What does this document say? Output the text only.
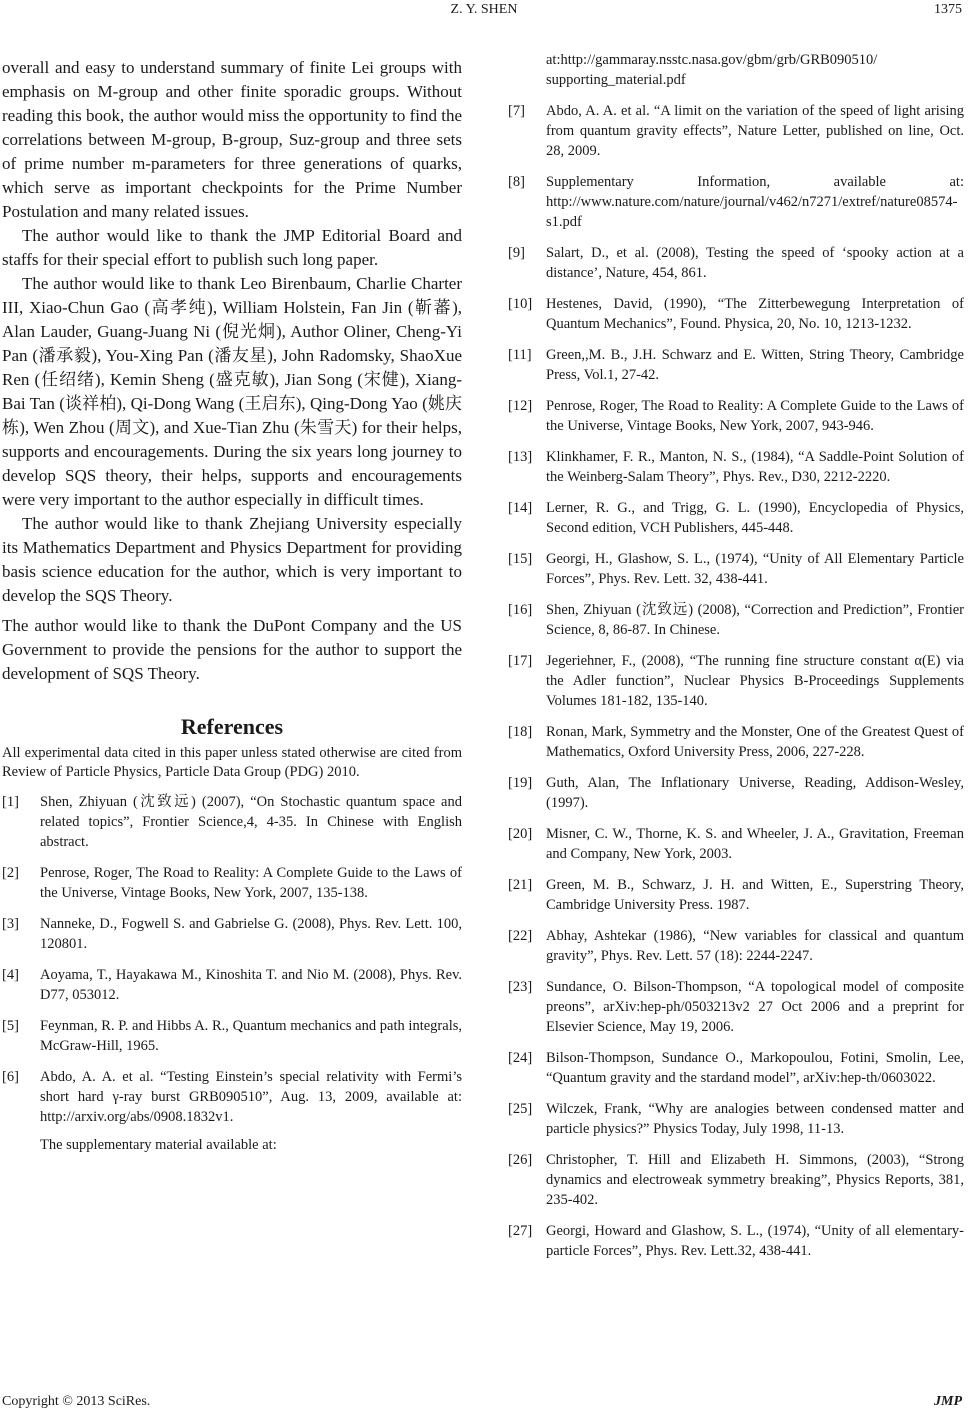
Z. Y. SHEN	1375

overall and easy to understand summary of finite Lei groups with emphasis on M-group and other finite sporadic groups. Without reading this book, the author would miss the opportunity to find the correlations between M-group, B-group, Suz-group and three sets of prime number m-parameters for three generations of quarks, which serve as important checkpoints for the Prime Number Postulation and many related issues.

The author would like to thank the JMP Editorial Board and staffs for their special effort to publish such long paper.

The author would like to thank Leo Birenbaum, Charlie Charter III, Xiao-Chun Gao (高孝纯), William Holstein, Fan Jin (靳蕃), Alan Lauder, Guang-Juang Ni (倪光炯), Author Oliner, Cheng-Yi Pan (潘承毅), You-Xing Pan (潘友星), John Radomsky, ShaoXue Ren (任绍绪), Kemin Sheng (盛克敏), Jian Song (宋健), Xiang-Bai Tan (谈祥柏), Qi-Dong Wang (王启东), Qing-Dong Yao (姚庆栋), Wen Zhou (周文), and Xue-Tian Zhu (朱雪天) for their helps, supports and encouragements. During the six years long journey to develop SQS theory, their helps, supports and encouragements were very important to the author especially in difficult times.

The author would like to thank Zhejiang University especially its Mathematics Department and Physics Department for providing basis science education for the author, which is very important to develop the SQS Theory.

The author would like to thank the DuPont Company and the US Government to provide the pensions for the author to support the development of SQS Theory.

References

All experimental data cited in this paper unless stated otherwise are cited from Review of Particle Physics, Particle Data Group (PDG) 2010.

[1]	Shen, Zhiyuan (沈致远) (2007), “On Stochastic quantum space and related topics”, Frontier Science,4, 4-35. In Chinese with English abstract.
[2]	Penrose, Roger, The Road to Reality: A Complete Guide to the Laws of the Universe, Vintage Books, New York, 2007, 135-138.
[3]	Nanneke, D., Fogwell S. and Gabrielse G. (2008), Phys. Rev. Lett. 100, 120801.
[4]	Aoyama, T., Hayakawa M., Kinoshita T. and Nio M. (2008), Phys. Rev. D77, 053012.
[5]	Feynman, R. P. and Hibbs A. R., Quantum mechanics and path integrals, McGraw-Hill, 1965.
[6]	Abdo, A. A. et al. “Testing Einstein’s special relativity with Fermi’s short hard γ-ray burst GRB090510”, Aug. 13, 2009, available at: http://arxiv.org/abs/0908.1832v1.
The supplementary material available at:
at:http://gammaray.nsstc.nasa.gov/gbm/grb/GRB090510/ supporting_material.pdf
[7]	Abdo, A. A. et al. “A limit on the variation of the speed of light arising from quantum gravity effects”, Nature Letter, published on line, Oct. 28, 2009.
[8]	Supplementary Information, available at: http://www.nature.com/nature/journal/v462/n7271/extref/nature08574-s1.pdf
[9]	Salart, D., et al. (2008), Testing the speed of ‘spooky action at a distance’, Nature, 454, 861.
[10] Hestenes, David, (1990), “The Zitterbewegung Interpretation of Quantum Mechanics”, Found. Physica, 20, No. 10, 1213-1232.
[11] Green,,M. B., J.H. Schwarz and E. Witten, String Theory, Cambridge Press, Vol.1, 27-42.
[12] Penrose, Roger, The Road to Reality: A Complete Guide to the Laws of the Universe, Vintage Books, New York, 2007, 943-946.
[13] Klinkhamer, F. R., Manton, N. S., (1984), “A Saddle-Point Solution of the Weinberg-Salam Theory”, Phys. Rev., D30, 2212-2220.
[14] Lerner, R. G., and Trigg, G. L. (1990), Encyclopedia of Physics, Second edition, VCH Publishers, 445-448.
[15] Georgi, H., Glashow, S. L., (1974), “Unity of All Elementary Particle Forces”, Phys. Rev. Lett. 32, 438-441.
[16] Shen, Zhiyuan (沈致远) (2008), “Correction and Prediction”, Frontier Science, 8, 86-87. In Chinese.
[17] Jegeriehner, F., (2008), “The running fine structure constant α(E) via the Adler function”, Nuclear Physics B-Proceedings Supplements Volumes 181-182, 135-140.
[18] Ronan, Mark, Symmetry and the Monster, One of the Greatest Quest of Mathematics, Oxford University Press, 2006, 227-228.
[19] Guth, Alan, The Inflationary Universe, Reading, Addison-Wesley, (1997).
[20] Misner, C. W., Thorne, K. S. and Wheeler, J. A., Gravitation, Freeman and Company, New York, 2003.
[21] Green, M. B., Schwarz, J. H. and Witten, E., Superstring Theory, Cambridge University Press. 1987.
[22] Abhay, Ashtekar (1986), “New variables for classical and quantum gravity”, Phys. Rev. Lett. 57 (18): 2244-2247.
[23] Sundance, O. Bilson-Thompson, “A topological model of composite preons”, arXiv:hep-ph/0503213v2 27 Oct 2006 and a preprint for Elsevier Science, May 19, 2006.
[24] Bilson-Thompson, Sundance O., Markopoulou, Fotini, Smolin, Lee, “Quantum gravity and the stardand model”, arXiv:hep-th/0603022.
[25] Wilczek, Frank, “Why are analogies between condensed matter and particle physics?” Physics Today, July 1998, 11-13.
[26] Christopher, T. Hill and Elizabeth H. Simmons, (2003), “Strong dynamics and electroweak symmetry breaking”, Physics Reports, 381, 235-402.
[27] Georgi, Howard and Glashow, S. L., (1974), “Unity of all elementary-particle Forces”, Phys. Rev. Lett.32, 438-441.
Copyright © 2013 SciRes.	JMP
